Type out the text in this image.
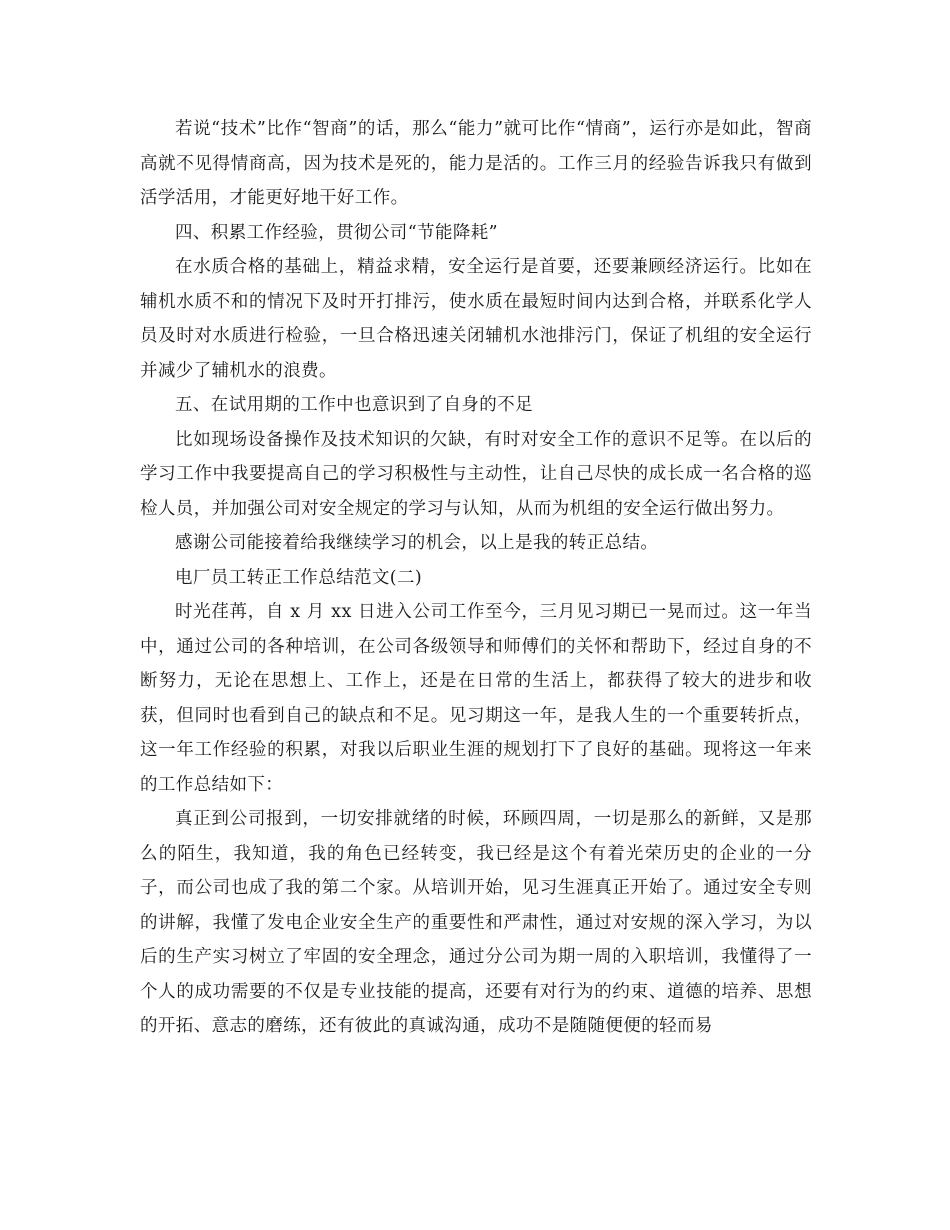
若说“技术”比作“智商”的话，那么“能力”就可比作“情商”，运行亦是如此，智商高就不见得情商高，因为技术是死的，能力是活的。工作三月的经验告诉我只有做到活学活用，才能更好地干好工作。

四、积累工作经验，贯彻公司“节能降耗”

在水质合格的基础上，精益求精，安全运行是首要，还要兼顾经济运行。比如在辅机水质不和的情况下及时开打排污，使水质在最短时间内达到合格，并联系化学人员及时对水质进行检验，一旦合格迅速关闭辅机水池排污门，保证了机组的安全运行并减少了辅机水的浪费。

五、在试用期的工作中也意识到了自身的不足

比如现场设备操作及技术知识的欠缺，有时对安全工作的意识不足等。在以后的学习工作中我要提高自己的学习积极性与主动性，让自己尽快的成长成一名合格的巡检人员，并加强公司对安全规定的学习与认知，从而为机组的安全运行做出努力。

感谢公司能接着给我继续学习的机会，以上是我的转正总结。

电厂员工转正工作总结范文(二)

时光荏苒，自 x 月 xx 日进入公司工作至今，三月见习期已一晃而过。这一年当中，通过公司的各种培训，在公司各级领导和师傅们的关怀和帮助下，经过自身的不断努力，无论在思想上、工作上，还是在日常的生活上，都获得了较大的进步和收获，但同时也看到自己的缺点和不足。见习期这一年，是我人生的一个重要转折点，这一年工作经验的积累，对我以后职业生涯的规划打下了良好的基础。现将这一年来的工作总结如下：

真正到公司报到，一切安排就绪的时候，环顾四周，一切是那么的新鲜，又是那么的陌生，我知道，我的角色已经转变，我已经是这个有着光荣历史的企业的一分子，而公司也成了我的第二个家。从培训开始，见习生涯真正开始了。通过安全专则的讲解，我懂了发电企业安全生产的重要性和严肃性，通过对安规的深入学习，为以后的生产实习树立了牢固的安全理念，通过分公司为期一周的入职培训，我懂得了一个人的成功需要的不仅是专业技能的提高，还要有对行为的约束、道德的培养、思想的开拓、意志的磨练，还有彼此的真诚沟通，成功不是随随便便的轻而易
